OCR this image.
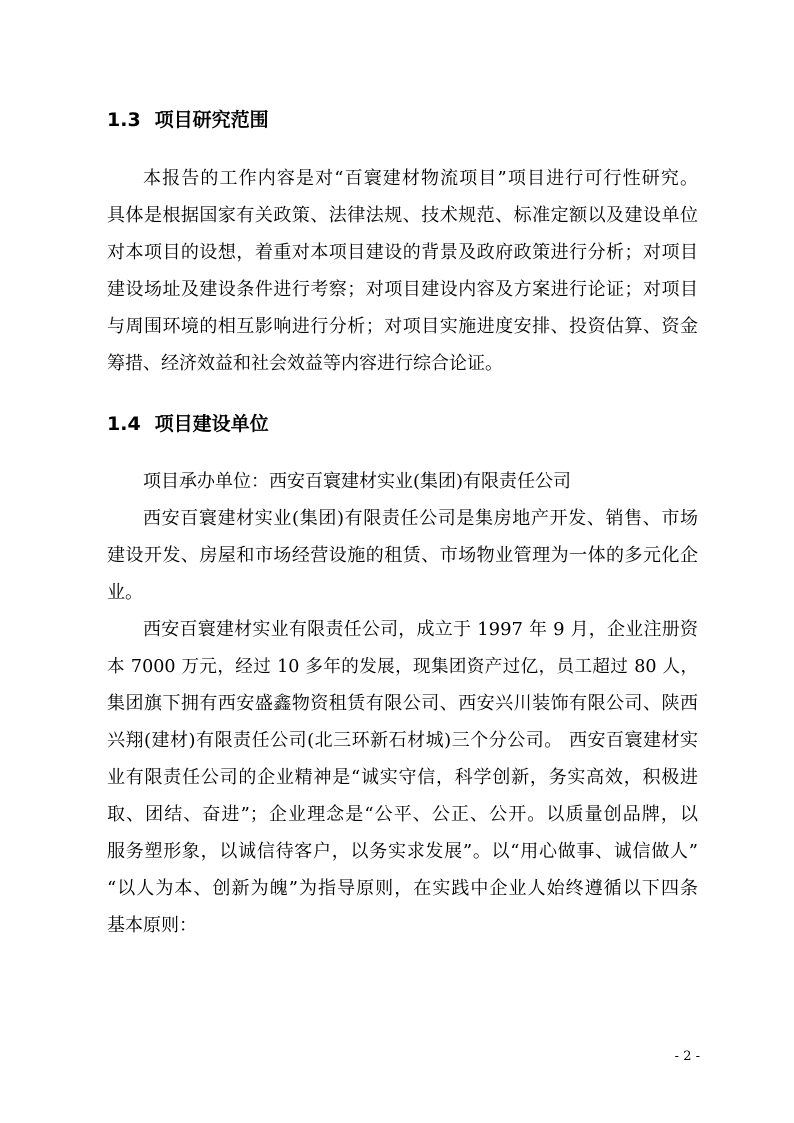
1.3 项目研究范围
本报告的工作内容是对“百寰建材物流项目”项目进行可行性研究。
具体是根据国家有关政策、法律法规、技术规范、标准定额以及建设单位
对本项目的设想，着重对本项目建设的背景及政府政策进行分析；对项目
建设场址及建设条件进行考察；对项目建设内容及方案进行论证；对项目
与周围环境的相互影响进行分析；对项目实施进度安排、投资估算、资金
筹措、经济效益和社会效益等内容进行综合论证。
1.4 项目建设单位
项目承办单位：西安百寰建材实业(集团)有限责任公司
西安百寰建材实业(集团)有限责任公司是集房地产开发、销售、市场
建设开发、房屋和市场经营设施的租赁、市场物业管理为一体的多元化企
业。
西安百寰建材实业有限责任公司，成立于 1997 年 9 月，企业注册资
本 7000 万元，经过 10 多年的发展，现集团资产过亿，员工超过 80 人，
集团旗下拥有西安盛鑫物资租赁有限公司、西安兴川装饰有限公司、陕西
兴翔(建材)有限责任公司(北三环新石材城)三个分公司。 西安百寰建材实
业有限责任公司的企业精神是“诚实守信，科学创新，务实高效，积极进
取、团结、奋进”；企业理念是“公平、公正、公开。以质量创品牌，以
服务塑形象，以诚信待客户，以务实求发展”。以“用心做事、诚信做人”
“以人为本、创新为魄”为指导原则，在实践中企业人始终遵循以下四条
基本原则：
- 2 -
